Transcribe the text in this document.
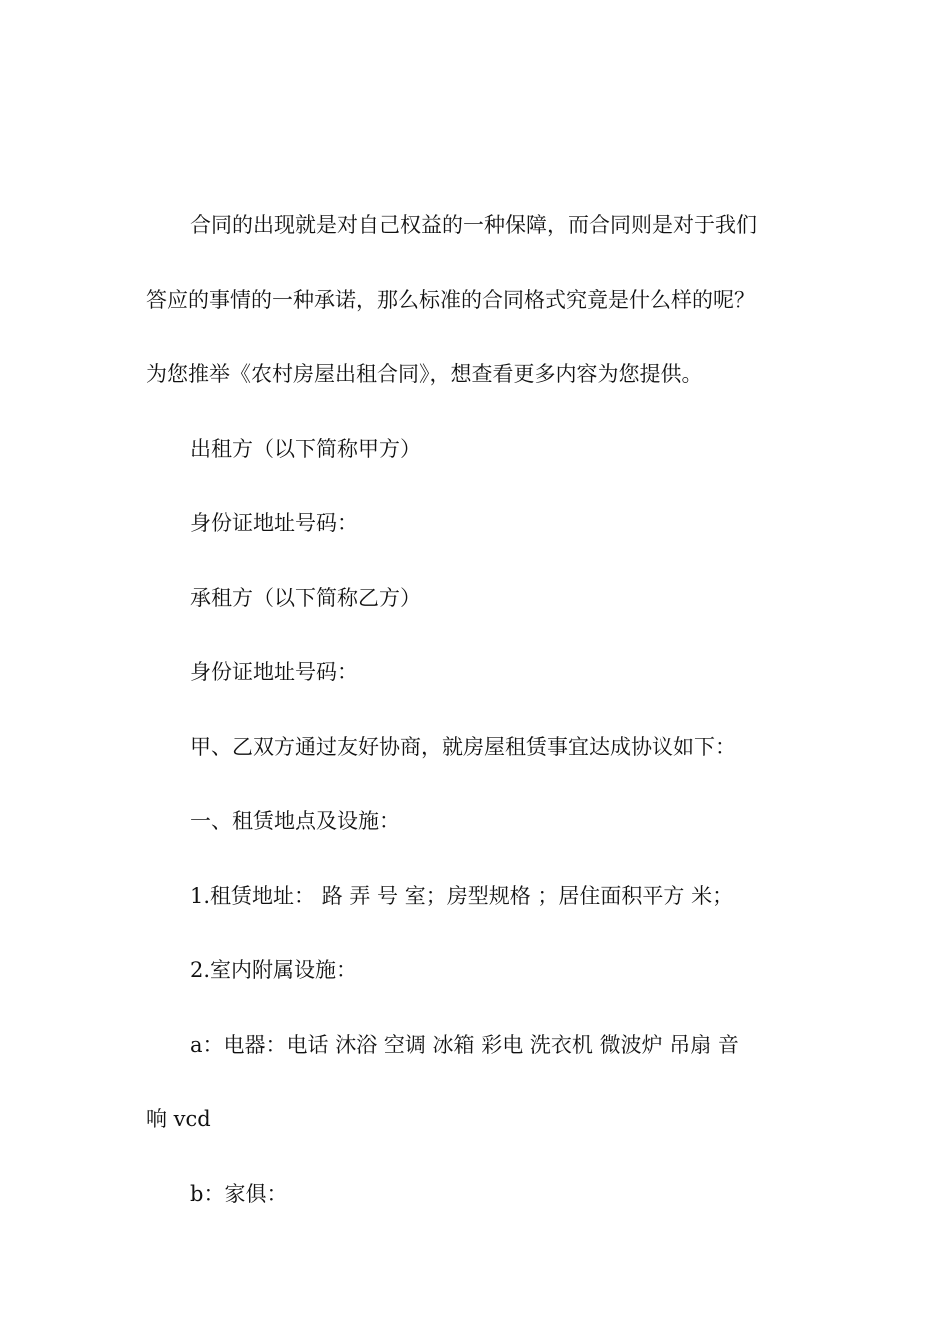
合同的出现就是对自己权益的一种保障，而合同则是对于我们
答应的事情的一种承诺，那么标准的合同格式究竟是什么样的呢？
为您推举《农村房屋出租合同》，想查看更多内容为您提供。
出租方（以下简称甲方）
身份证地址号码：
承租方（以下简称乙方）
身份证地址号码：
甲、乙双方通过友好协商，就房屋租赁事宜达成协议如下：
一、租赁地点及设施：
1.租赁地址： 路 弄 号 室；房型规格 ；居住面积平方 米；
2.室内附属设施：
a：电器：电话 沐浴 空调 冰箱 彩电 洗衣机 微波炉 吊扇 音
响 vcd
b：家俱：
